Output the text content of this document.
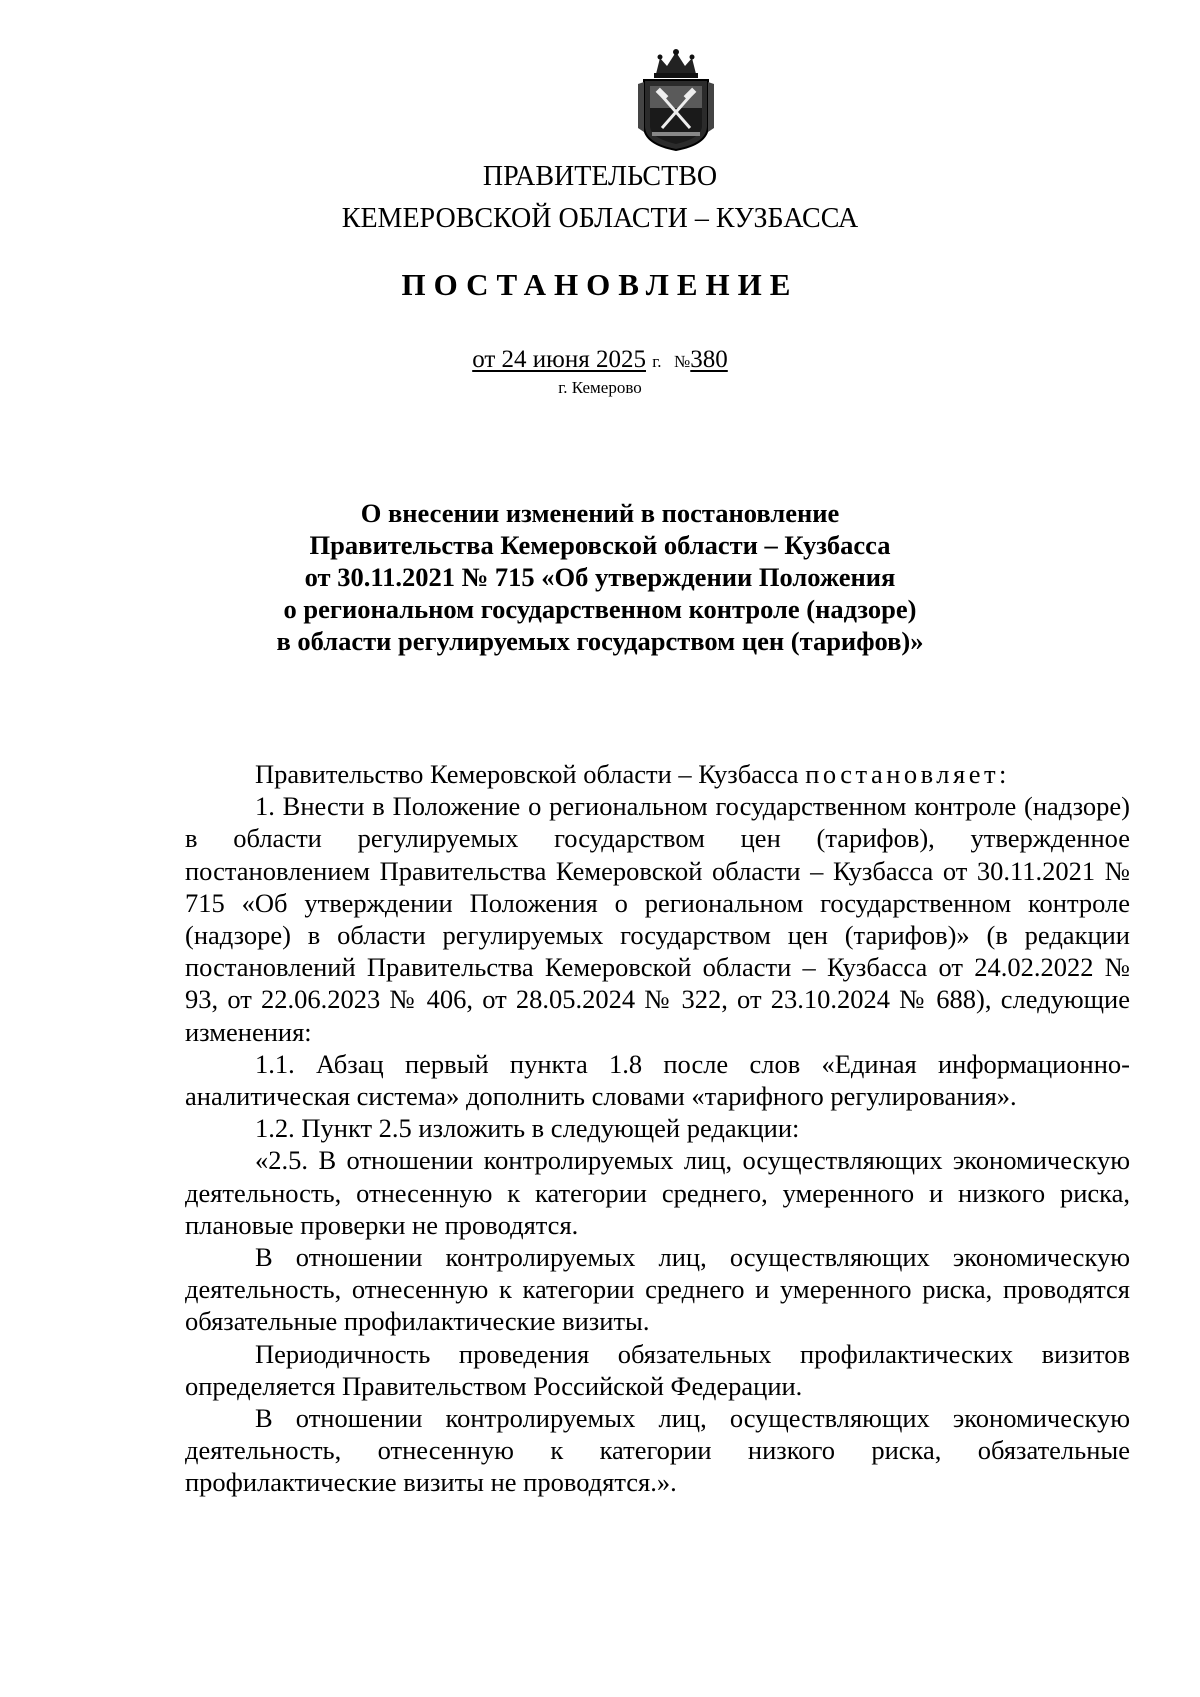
ПРАВИТЕЛЬСТВО
КЕМЕРОВСКОЙ ОБЛАСТИ – КУЗБАССА
ПОСТАНОВЛЕНИЕ
от 24 июня 2025 г. №380
г. Кемерово
О внесении изменений в постановление
Правительства Кемеровской области – Кузбасса
от 30.11.2021 № 715 «Об утверждении Положения
о региональном государственном контроле (надзоре)
в области регулируемых государством цен (тарифов)»

Правительство Кемеровской области – Кузбасса постановляет:

1. Внести в Положение о региональном государственном контроле (надзоре) в области регулируемых государством цен (тарифов), утвержденное постановлением Правительства Кемеровской области – Кузбасса от 30.11.2021 № 715 «Об утверждении Положения о региональном государственном контроле (надзоре) в области регулируемых государством цен (тарифов)» (в редакции постановлений Правительства Кемеровской области – Кузбасса от 24.02.2022 № 93, от 22.06.2023 № 406, от 28.05.2024 № 322, от 23.10.2024 № 688), следующие изменения:

1.1. Абзац первый пункта 1.8 после слов «Единая информационно-аналитическая система» дополнить словами «тарифного регулирования».

1.2. Пункт 2.5 изложить в следующей редакции:

«2.5. В отношении контролируемых лиц, осуществляющих экономическую деятельность, отнесенную к категории среднего, умеренного и низкого риска, плановые проверки не проводятся.

В отношении контролируемых лиц, осуществляющих экономическую деятельность, отнесенную к категории среднего и умеренного риска, проводятся обязательные профилактические визиты.

Периодичность проведения обязательных профилактических визитов определяется Правительством Российской Федерации.

В отношении контролируемых лиц, осуществляющих экономическую деятельность, отнесенную к категории низкого риска, обязательные профилактические визиты не проводятся.».
